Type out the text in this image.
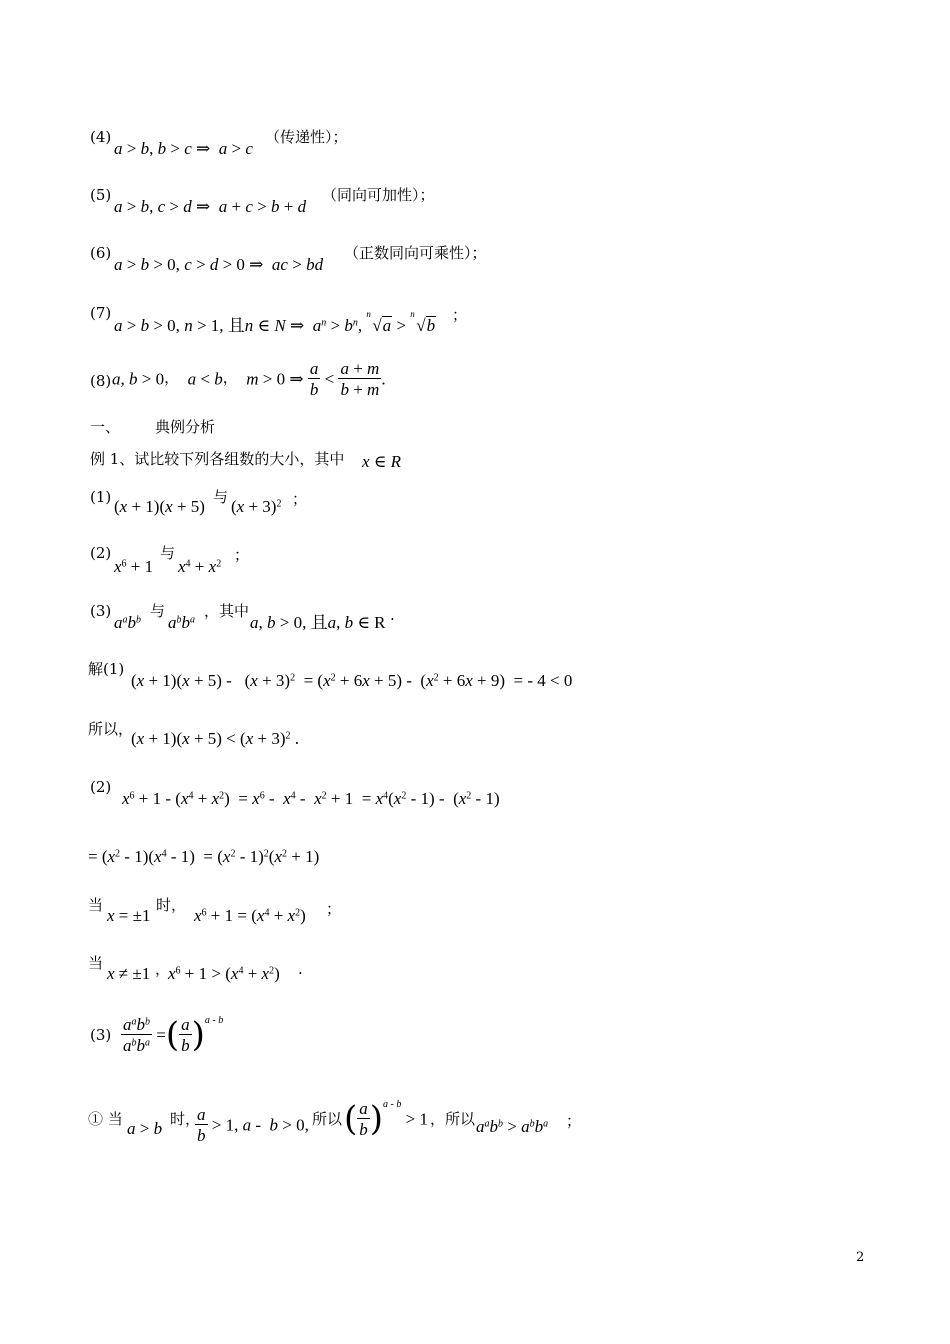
(4)
a > b, b > c ⇒  a > c
（传递性）；
(5)
a > b, c > d ⇒  a + c > b + d
（同向可加性）；
(6)
a > b > 0, c > d > 0 ⇒  ac > bd
（正数同向可乘性）；
(7)
a > b > 0, n > 1, 且n ∈ N ⇒  $a^n > b^n$,
n
√a >
n
√b
；
(8) a, b > 0， a < b， m > 0 ⇒ $\frac{a}{b} < \frac{a + m}{b + m}$ .
一、 典例分析
例 1、试比较下列各组数的大小，其中 x ∈ R
(1) (x + 1)(x + 5) 与 $(x + 3)^2$ ；
(2)
$x^6 + 1$
与
$x^4 + x^2$ ；
(3)
$a^ab^b$ 与
$a^bb^a$ ，其中
a, b > 0, 且a, b ∈ R .
解(1)
$(x + 1)(x + 5) - (x + 3)^2 = (x^2 + 6x + 5) - (x^2 + 6x + 9)$  = - 4 < 0
所以，
$(x + 1)(x + 5) < (x + 3)^2$ .
(2)
$x^6 + 1 - (x^4 + x^2) = x^6 - x^4 - x^2 + 1 = x^4(x^2 - 1) - (x^2 - 1)$
= $(x^2 - 1)(x^4 - 1) = (x^2 - 1)^2(x^2 + 1)$
当
x = ±1
时，
$x^6 + 1 = (x^4 + x^2)$ ；
当
x ≠ ±1 ，
$x^6 + 1 > (x^4 + x^2)$ .
$(3) \frac{a^ab^b}{a^bb^a}$ =( $\frac{a}{b} )^{a - b}$
① 当 a > b 时，
$\frac{a}{b} > 1$, a -  b > 0, 所以 ( $\frac{a}{b} )^{a - b} > 1$ ，所以 $a^ab^b > a^bb^a$ ；
2
